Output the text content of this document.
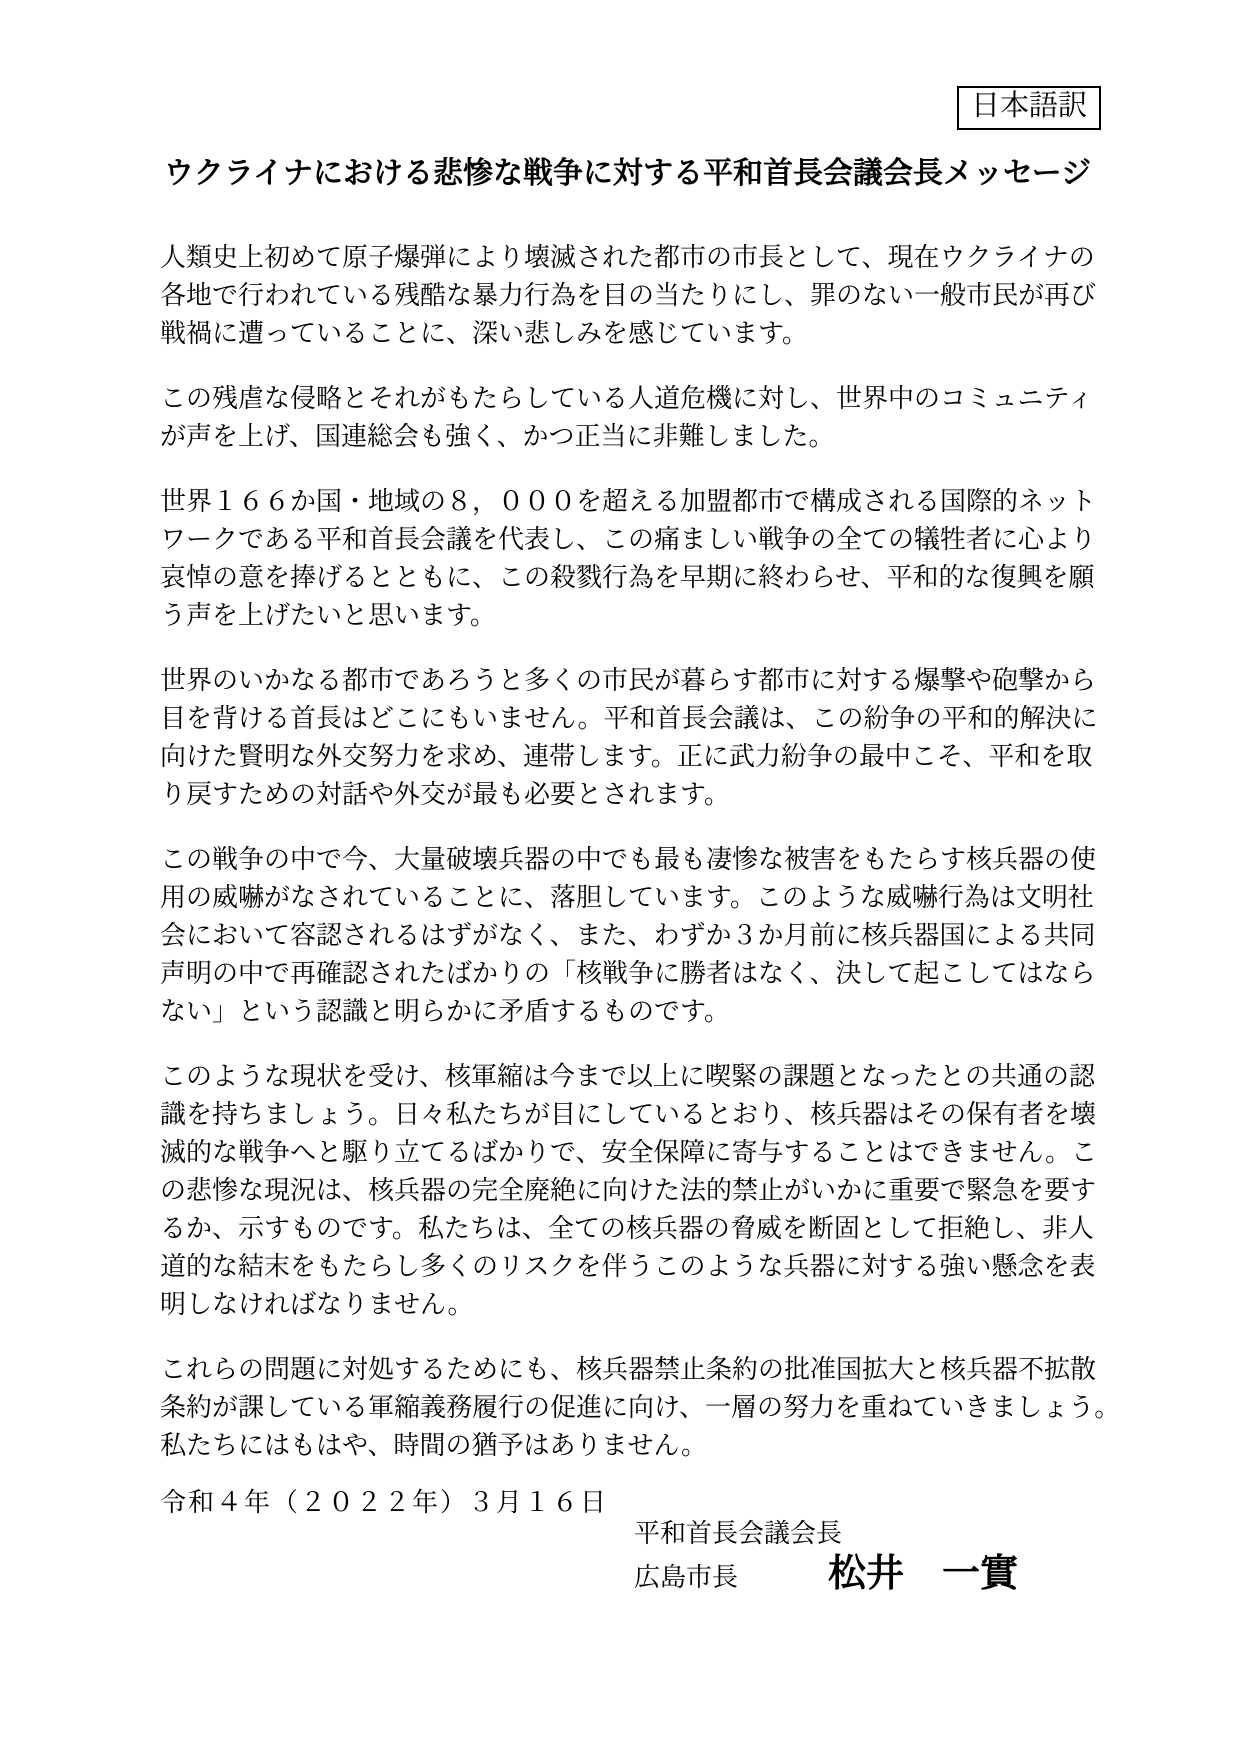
日本語訳
ウクライナにおける悲惨な戦争に対する平和首長会議会長メッセージ
人類史上初めて原子爆弾により壊滅された都市の市長として、現在ウクライナの
各地で行われている残酷な暴力行為を目の当たりにし、罪のない一般市民が再び
戦禍に遭っていることに、深い悲しみを感じています。
この残虐な侵略とそれがもたらしている人道危機に対し、世界中のコミュニティ
が声を上げ、国連総会も強く、かつ正当に非難しました。
世界１６６か国・地域の８，０００を超える加盟都市で構成される国際的ネット
ワークである平和首長会議を代表し、この痛ましい戦争の全ての犠牲者に心より
哀悼の意を捧げるとともに、この殺戮行為を早期に終わらせ、平和的な復興を願
う声を上げたいと思います。
世界のいかなる都市であろうと多くの市民が暮らす都市に対する爆撃や砲撃から
目を背ける首長はどこにもいません。平和首長会議は、この紛争の平和的解決に
向けた賢明な外交努力を求め、連帯します。正に武力紛争の最中こそ、平和を取
り戻すための対話や外交が最も必要とされます。
この戦争の中で今、大量破壊兵器の中でも最も凄惨な被害をもたらす核兵器の使
用の威嚇がなされていることに、落胆しています。このような威嚇行為は文明社
会において容認されるはずがなく、また、わずか３か月前に核兵器国による共同
声明の中で再確認されたばかりの「核戦争に勝者はなく、決して起こしてはなら
ない」という認識と明らかに矛盾するものです。
このような現状を受け、核軍縮は今まで以上に喫緊の課題となったとの共通の認
識を持ちましょう。日々私たちが目にしているとおり、核兵器はその保有者を壊
滅的な戦争へと駆り立てるばかりで、安全保障に寄与することはできません。こ
の悲惨な現況は、核兵器の完全廃絶に向けた法的禁止がいかに重要で緊急を要す
るか、示すものです。私たちは、全ての核兵器の脅威を断固として拒絶し、非人
道的な結末をもたらし多くのリスクを伴うこのような兵器に対する強い懸念を表
明しなければなりません。
これらの問題に対処するためにも、核兵器禁止条約の批准国拡大と核兵器不拡散
条約が課している軍縮義務履行の促進に向け、一層の努力を重ねていきましょう。
私たちにはもはや、時間の猶予はありません。
令和４年（２０２２年）３月１６日
平和首長会議会長
広島市長 松井　一實
